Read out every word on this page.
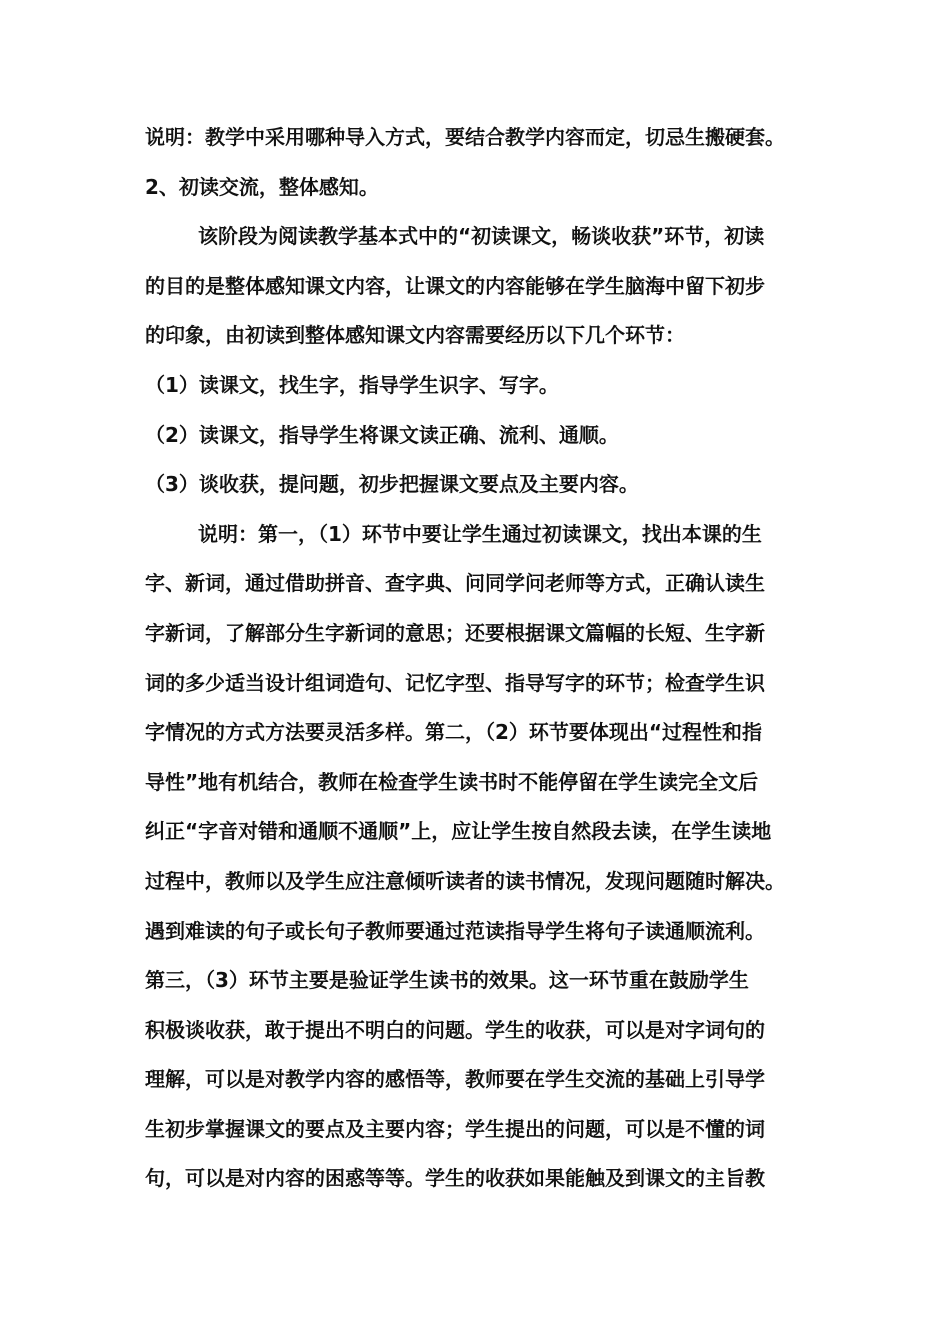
说明：教学中采用哪种导入方式，要结合教学内容而定，切忌生搬硬套。
2、初读交流，整体感知。
该阶段为阅读教学基本式中的“初读课文，畅谈收获”环节，初读
的目的是整体感知课文内容，让课文的内容能够在学生脑海中留下初步
的印象，由初读到整体感知课文内容需要经历以下几个环节：
（1）读课文，找生字，指导学生识字、写字。
（2）读课文，指导学生将课文读正确、流利、通顺。
（3）谈收获，提问题，初步把握课文要点及主要内容。
说明：第一，（1）环节中要让学生通过初读课文，找出本课的生
字、新词，通过借助拼音、查字典、问同学问老师等方式，正确认读生
字新词，了解部分生字新词的意思；还要根据课文篇幅的长短、生字新
词的多少适当设计组词造句、记忆字型、指导写字的环节；检查学生识
字情况的方式方法要灵活多样。第二，（2）环节要体现出“过程性和指
导性”地有机结合，教师在检查学生读书时不能停留在学生读完全文后
纠正“字音对错和通顺不通顺”上，应让学生按自然段去读，在学生读地
过程中，教师以及学生应注意倾听读者的读书情况，发现问题随时解决。
遇到难读的句子或长句子教师要通过范读指导学生将句子读通顺流利。
第三，（3）环节主要是验证学生读书的效果。这一环节重在鼓励学生
积极谈收获，敢于提出不明白的问题。学生的收获，可以是对字词句的
理解，可以是对教学内容的感悟等，教师要在学生交流的基础上引导学
生初步掌握课文的要点及主要内容；学生提出的问题，可以是不懂的词
句，可以是对内容的困惑等等。学生的收获如果能触及到课文的主旨教
